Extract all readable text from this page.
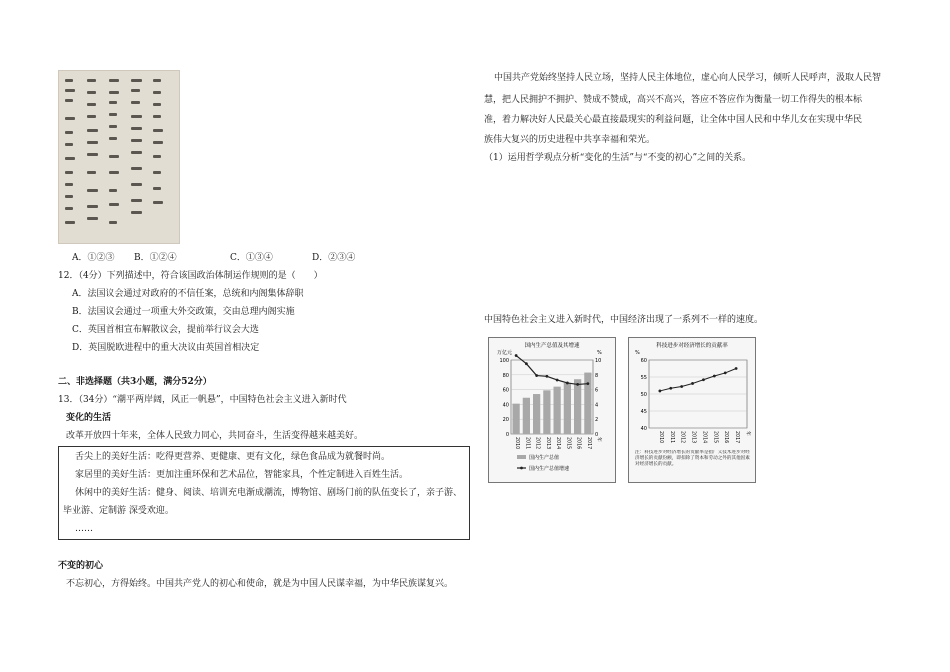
A．①②③ B．①②④	C．①③④	D．②③④
12．（4分）下列描述中，符合该国政治体制运作规则的是（　　）
A．法国议会通过对政府的不信任案，总统和内阁集体辞职
B．法国议会通过一项重大外交政策，交由总理内阁实施
C．英国首相宣布解散议会，提前举行议会大选
D．英国脱欧进程中的重大决议由英国首相决定
二、非选择题（共3小题，满分52分）
13．（34分）“潮平两岸阔，风正一帆悬”，中国特色社会主义进入新时代
变化的生活
改革开放四十年来，全体人民致力同心，共同奋斗，生活变得越来越美好。
舌尖上的美好生活：吃得更营养、更健康、更有文化，绿色食品成为就餐时尚。
家居里的美好生活：更加注重环保和艺术品位，智能家具，个性定制进入百姓生活。
休闲中的美好生活：健身、阅读、培训充电渐成潮流，博物馆、剧场门前的队伍变长了，亲子游、
毕业游、定制游 深受欢迎。
……
不变的初心
不忘初心，方得始终。中国共产党人的初心和使命，就是为中国人民谋幸福，为中华民族谋复兴。
中国共产党始终坚持人民立场，坚持人民主体地位，虚心向人民学习，倾听人民呼声，汲取人民智
慧，把人民拥护不拥护、赞成不赞成，高兴不高兴，答应不答应作为衡量一切工作得失的根本标
准，着力解决好人民最关心最直接最现实的利益问题，让全体中国人民和中华儿女在实现中华民
族伟大复兴的历史进程中共享幸福和荣光。
（1）运用哲学观点分析“变化的生活”与“不变的初心”之间的关系。
中国特色社会主义进入新时代，中国经济出现了一系列不一样的速度。
国内生产总值及其增速
万亿元	%
100
80
60
40
20
0
10
8
6
4
2
0
2010 2011 2012 2013 2014 2015 2016 2017 年
国内生产总值
国内生产总值增速
科技进步对经济增长的贡献率
%
60
55
50
45
40
2010 2011 2012 2013 2014 2015 2016 2017 年
注：科技进步对经济增长的贡献率是指广义技术进步对经济增长的贡献份额，即扣除了资本和劳动之外的其他因素对经济增长的贡献。
